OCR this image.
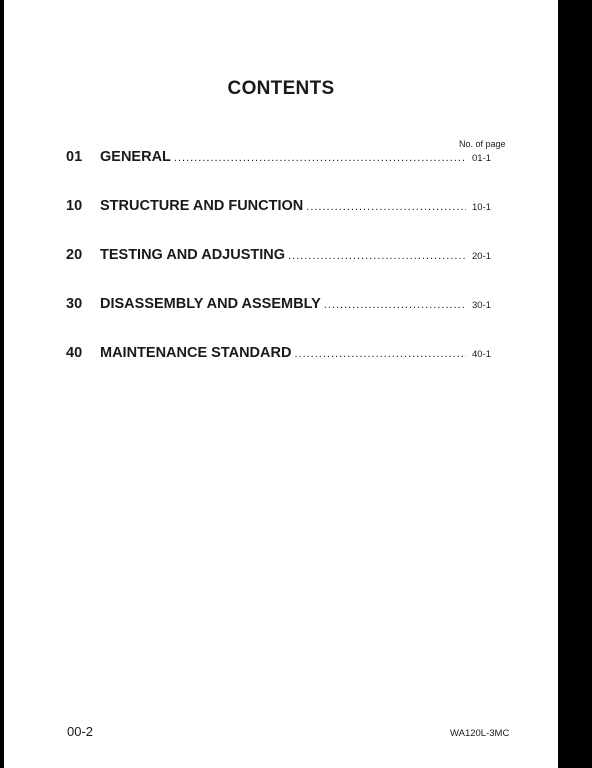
CONTENTS
No. of page
01	GENERAL .....	01-1
10	STRUCTURE AND FUNCTION .....	10-1
20	TESTING AND ADJUSTING .....	20-1
30	DISASSEMBLY AND ASSEMBLY .....	30-1
40	MAINTENANCE STANDARD .....	40-1
00-2	WA120L-3MC
